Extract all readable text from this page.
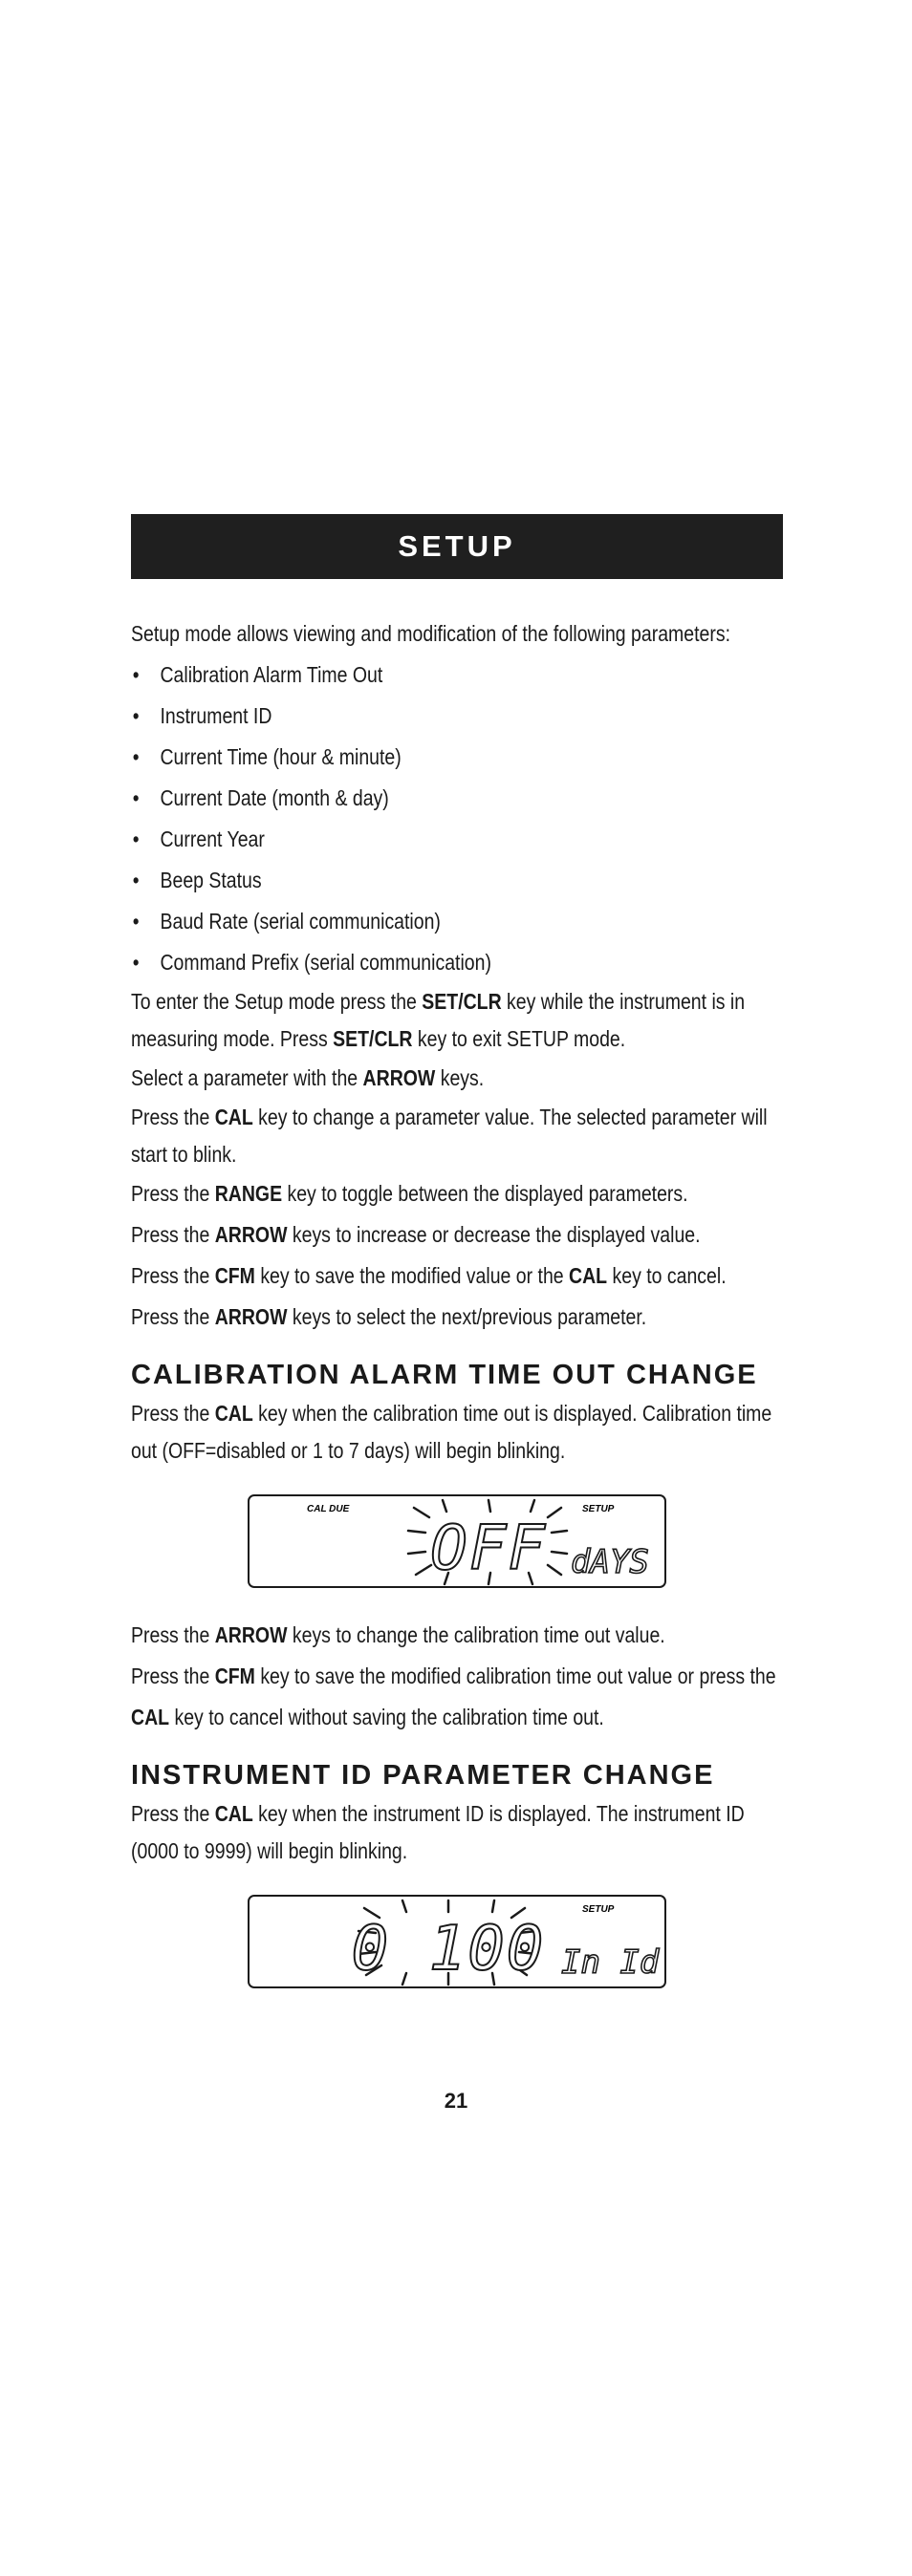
SETUP
Setup mode allows viewing and modification of the following parameters:
• Calibration Alarm Time Out
• Instrument ID
• Current Time (hour & minute)
• Current Date (month & day)
• Current Year
• Beep Status
• Baud Rate (serial communication)
• Command Prefix (serial communication)

To enter the Setup mode press the SET/CLR key while the instrument is in measuring mode. Press SET/CLR key to exit SETUP mode.

Select a parameter with the ARROW keys.

Press the CAL key to change a parameter value. The selected parameter will start to blink.

Press the RANGE key to toggle between the displayed parameters.

Press the ARROW keys to increase or decrease the displayed value.

Press the CFM key to save the modified value or the CAL key to cancel.

Press the ARROW keys to select the next/previous parameter.

CALIBRATION ALARM TIME OUT CHANGE

Press the CAL key when the calibration time out is displayed. Calibration time out (OFF=disabled or 1 to 7 days) will begin blinking.

CAL DUE	SETUP
OFF dAYS

Press the ARROW keys to change the calibration time out value.

Press the CFM key to save the modified calibration time out value or press the CAL key to cancel without saving the calibration time out.

INSTRUMENT ID PARAMETER CHANGE

Press the CAL key when the instrument ID is displayed. The instrument ID (0000 to 9999) will begin blinking.

SETUP
0 100 In Id
21
